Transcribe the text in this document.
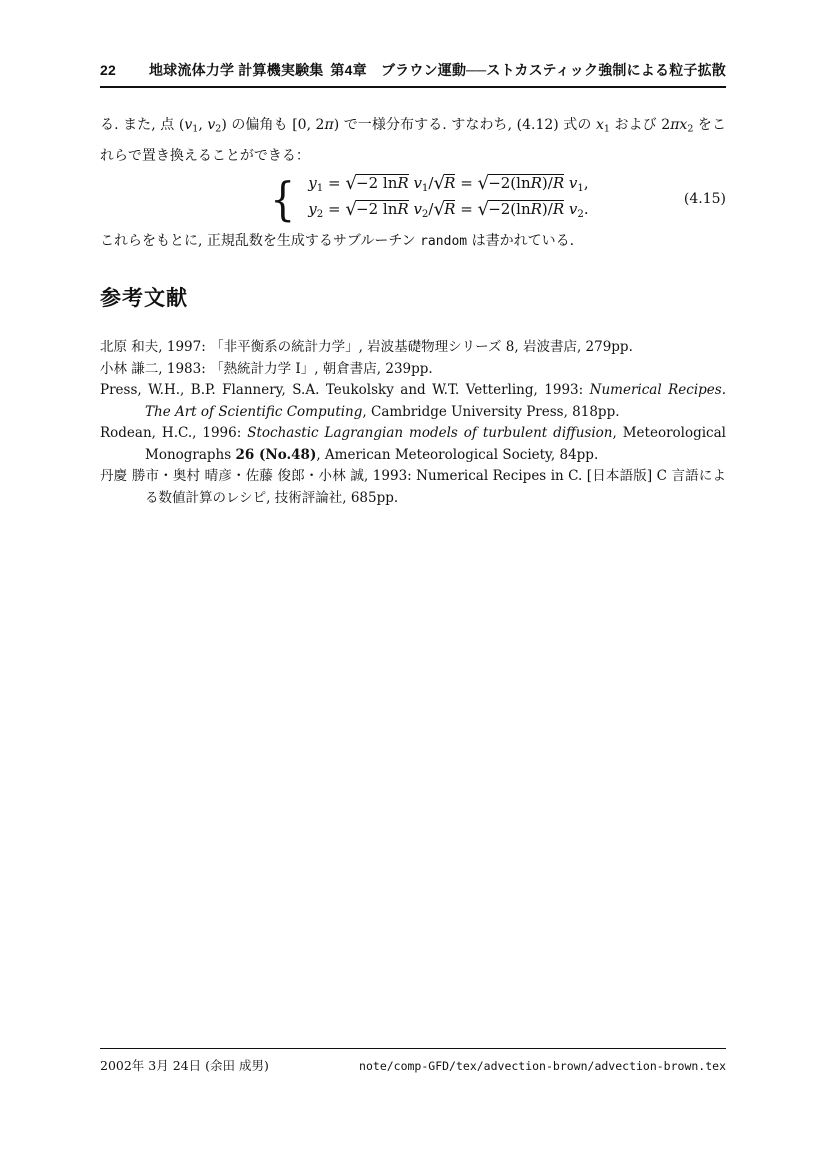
22 地球流体力学 計算機実験集 第4章　ブラウン運動──ストカスティック強制による粒子拡散

る. また, 点 (v1, v2) の偏角も [0, 2π) で一様分布する. すなわち, (4.12) 式の x1 および 2πx2 をこれらで置き換えることができる：

{ y1 = √−2 lnR v1/√R = √−2(lnR)/R v1,
y2 = √−2 lnR v2/√R = √−2(lnR)/R v2.
(4.15)

これらをもとに, 正規乱数を生成するサブルーチン random は書かれている.

参考文献

北原 和夫, 1997: 「非平衡系の統計力学」, 岩波基礎物理シリーズ 8, 岩波書店, 279pp.

小林 謙二, 1983: 「熱統計力学 I」, 朝倉書店, 239pp.

Press, W.H., B.P. Flannery, S.A. Teukolsky and W.T. Vetterling, 1993: Numerical Recipes. The Art of Scientific Computing, Cambridge University Press, 818pp.

Rodean, H.C., 1996: Stochastic Lagrangian models of turbulent diffusion, Meteorological Monographs 26 (No.48), American Meteorological Society, 84pp.

丹慶 勝市・奥村 晴彦・佐藤 俊郎・小林 誠, 1993: Numerical Recipes in C. [日本語版] C 言語による数値計算のレシピ, 技術評論社, 685pp.

2002年 3月 24日 (余田 成男)	note/comp-GFD/tex/advection-brown/advection-brown.tex
